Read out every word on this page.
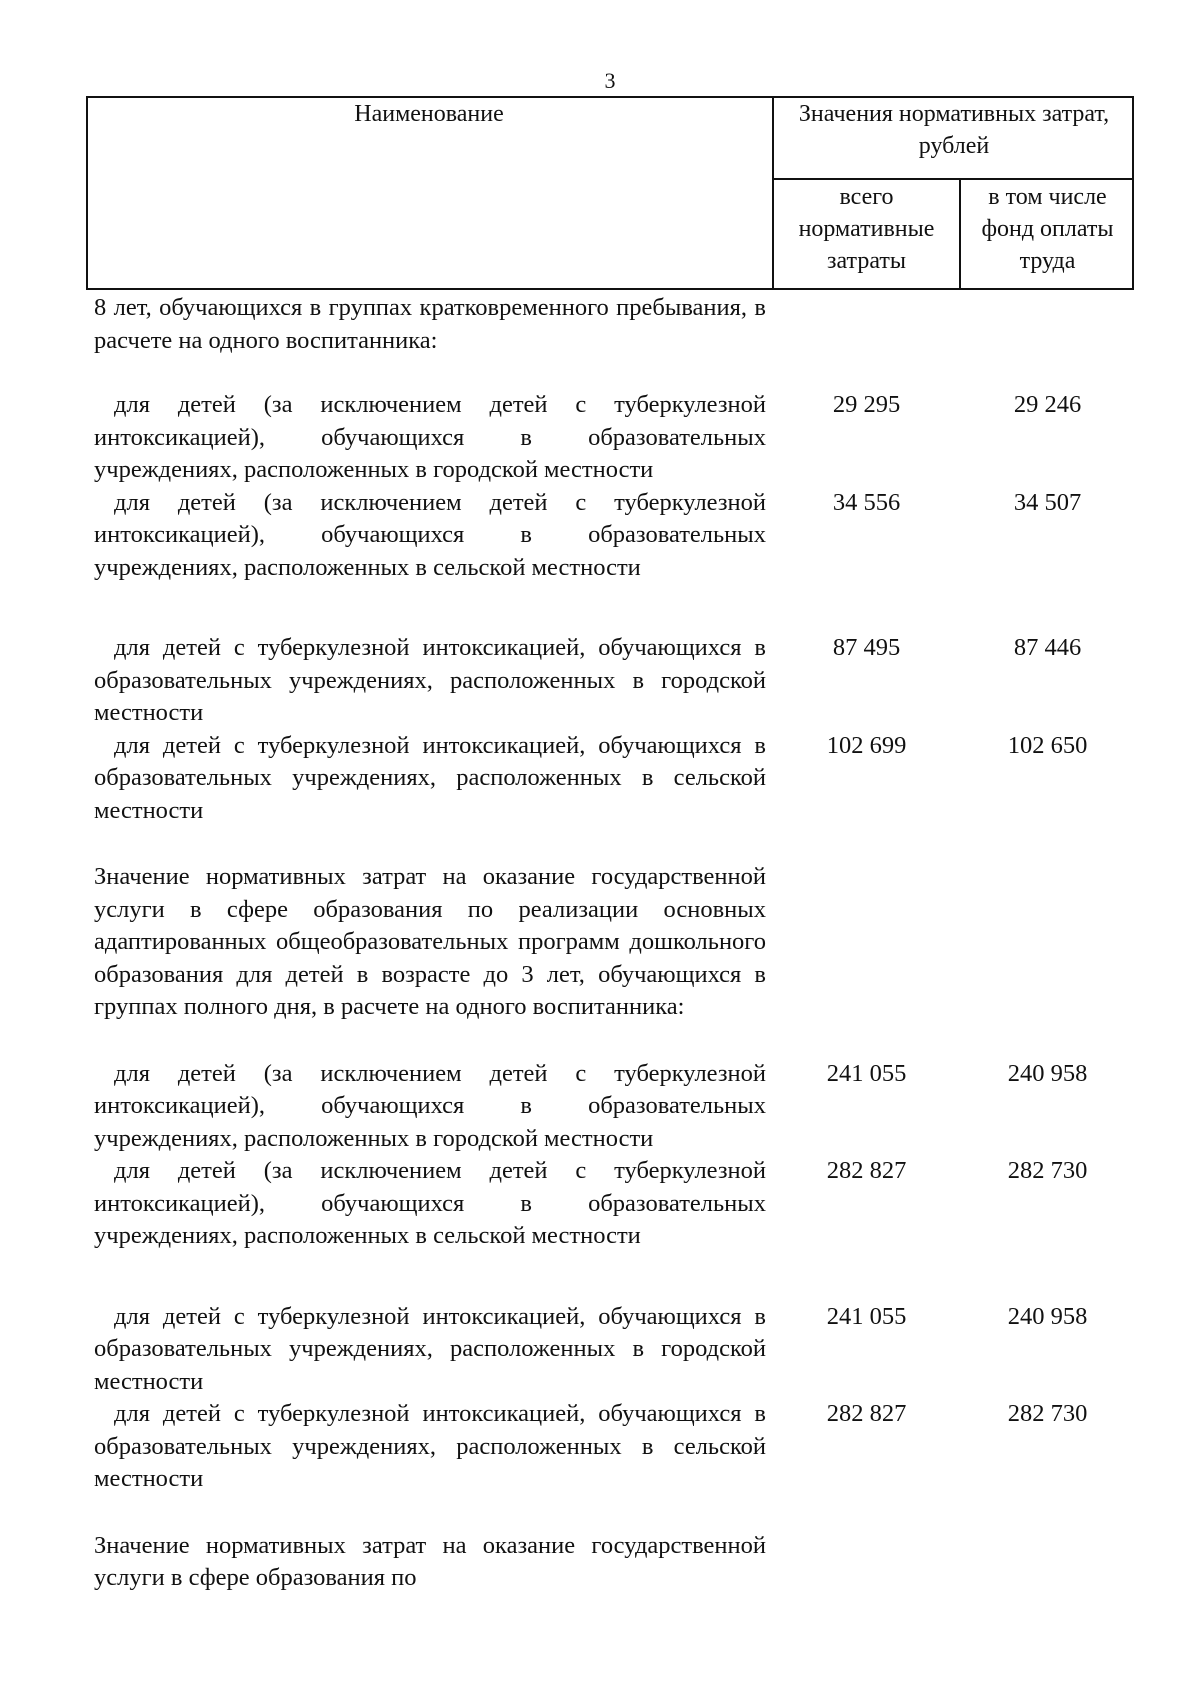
3
Наименование	Значения нормативных затрат, рублей
всего нормативные затраты
в том числе фонд оплаты труда
8 лет, обучающихся в группах кратковременного пребывания, в расчете на одного воспитанника:
для детей (за исключением детей с туберкулезной интоксикацией), обучающихся в образовательных учреждениях, расположенных в городской местности
29 295	29 246
для детей (за исключением детей с туберкулезной интоксикацией), обучающихся в образовательных учреждениях, расположенных в сельской местности
34 556	34 507
для детей с туберкулезной интоксикацией, обучающихся в образовательных учреждениях, расположенных в городской местности
87 495	87 446
для детей с туберкулезной интоксикацией, обучающихся в образовательных учреждениях, расположенных в сельской местности
102 699	102 650
Значение нормативных затрат на оказание государственной услуги в сфере образования по реализации основных адаптированных общеобразовательных программ дошкольного образования для детей в возрасте до 3 лет, обучающихся в группах полного дня, в расчете на одного воспитанника:
для детей (за исключением детей с туберкулезной интоксикацией), обучающихся в образовательных учреждениях, расположенных в городской местности
241 055	240 958
для детей (за исключением детей с туберкулезной интоксикацией), обучающихся в образовательных учреждениях, расположенных в сельской местности
282 827	282 730
для детей с туберкулезной интоксикацией, обучающихся в образовательных учреждениях, расположенных в городской местности
241 055	240 958
для детей с туберкулезной интоксикацией, обучающихся в образовательных учреждениях, расположенных в сельской местности
282 827	282 730
Значение нормативных затрат на оказание государственной услуги в сфере образования по
